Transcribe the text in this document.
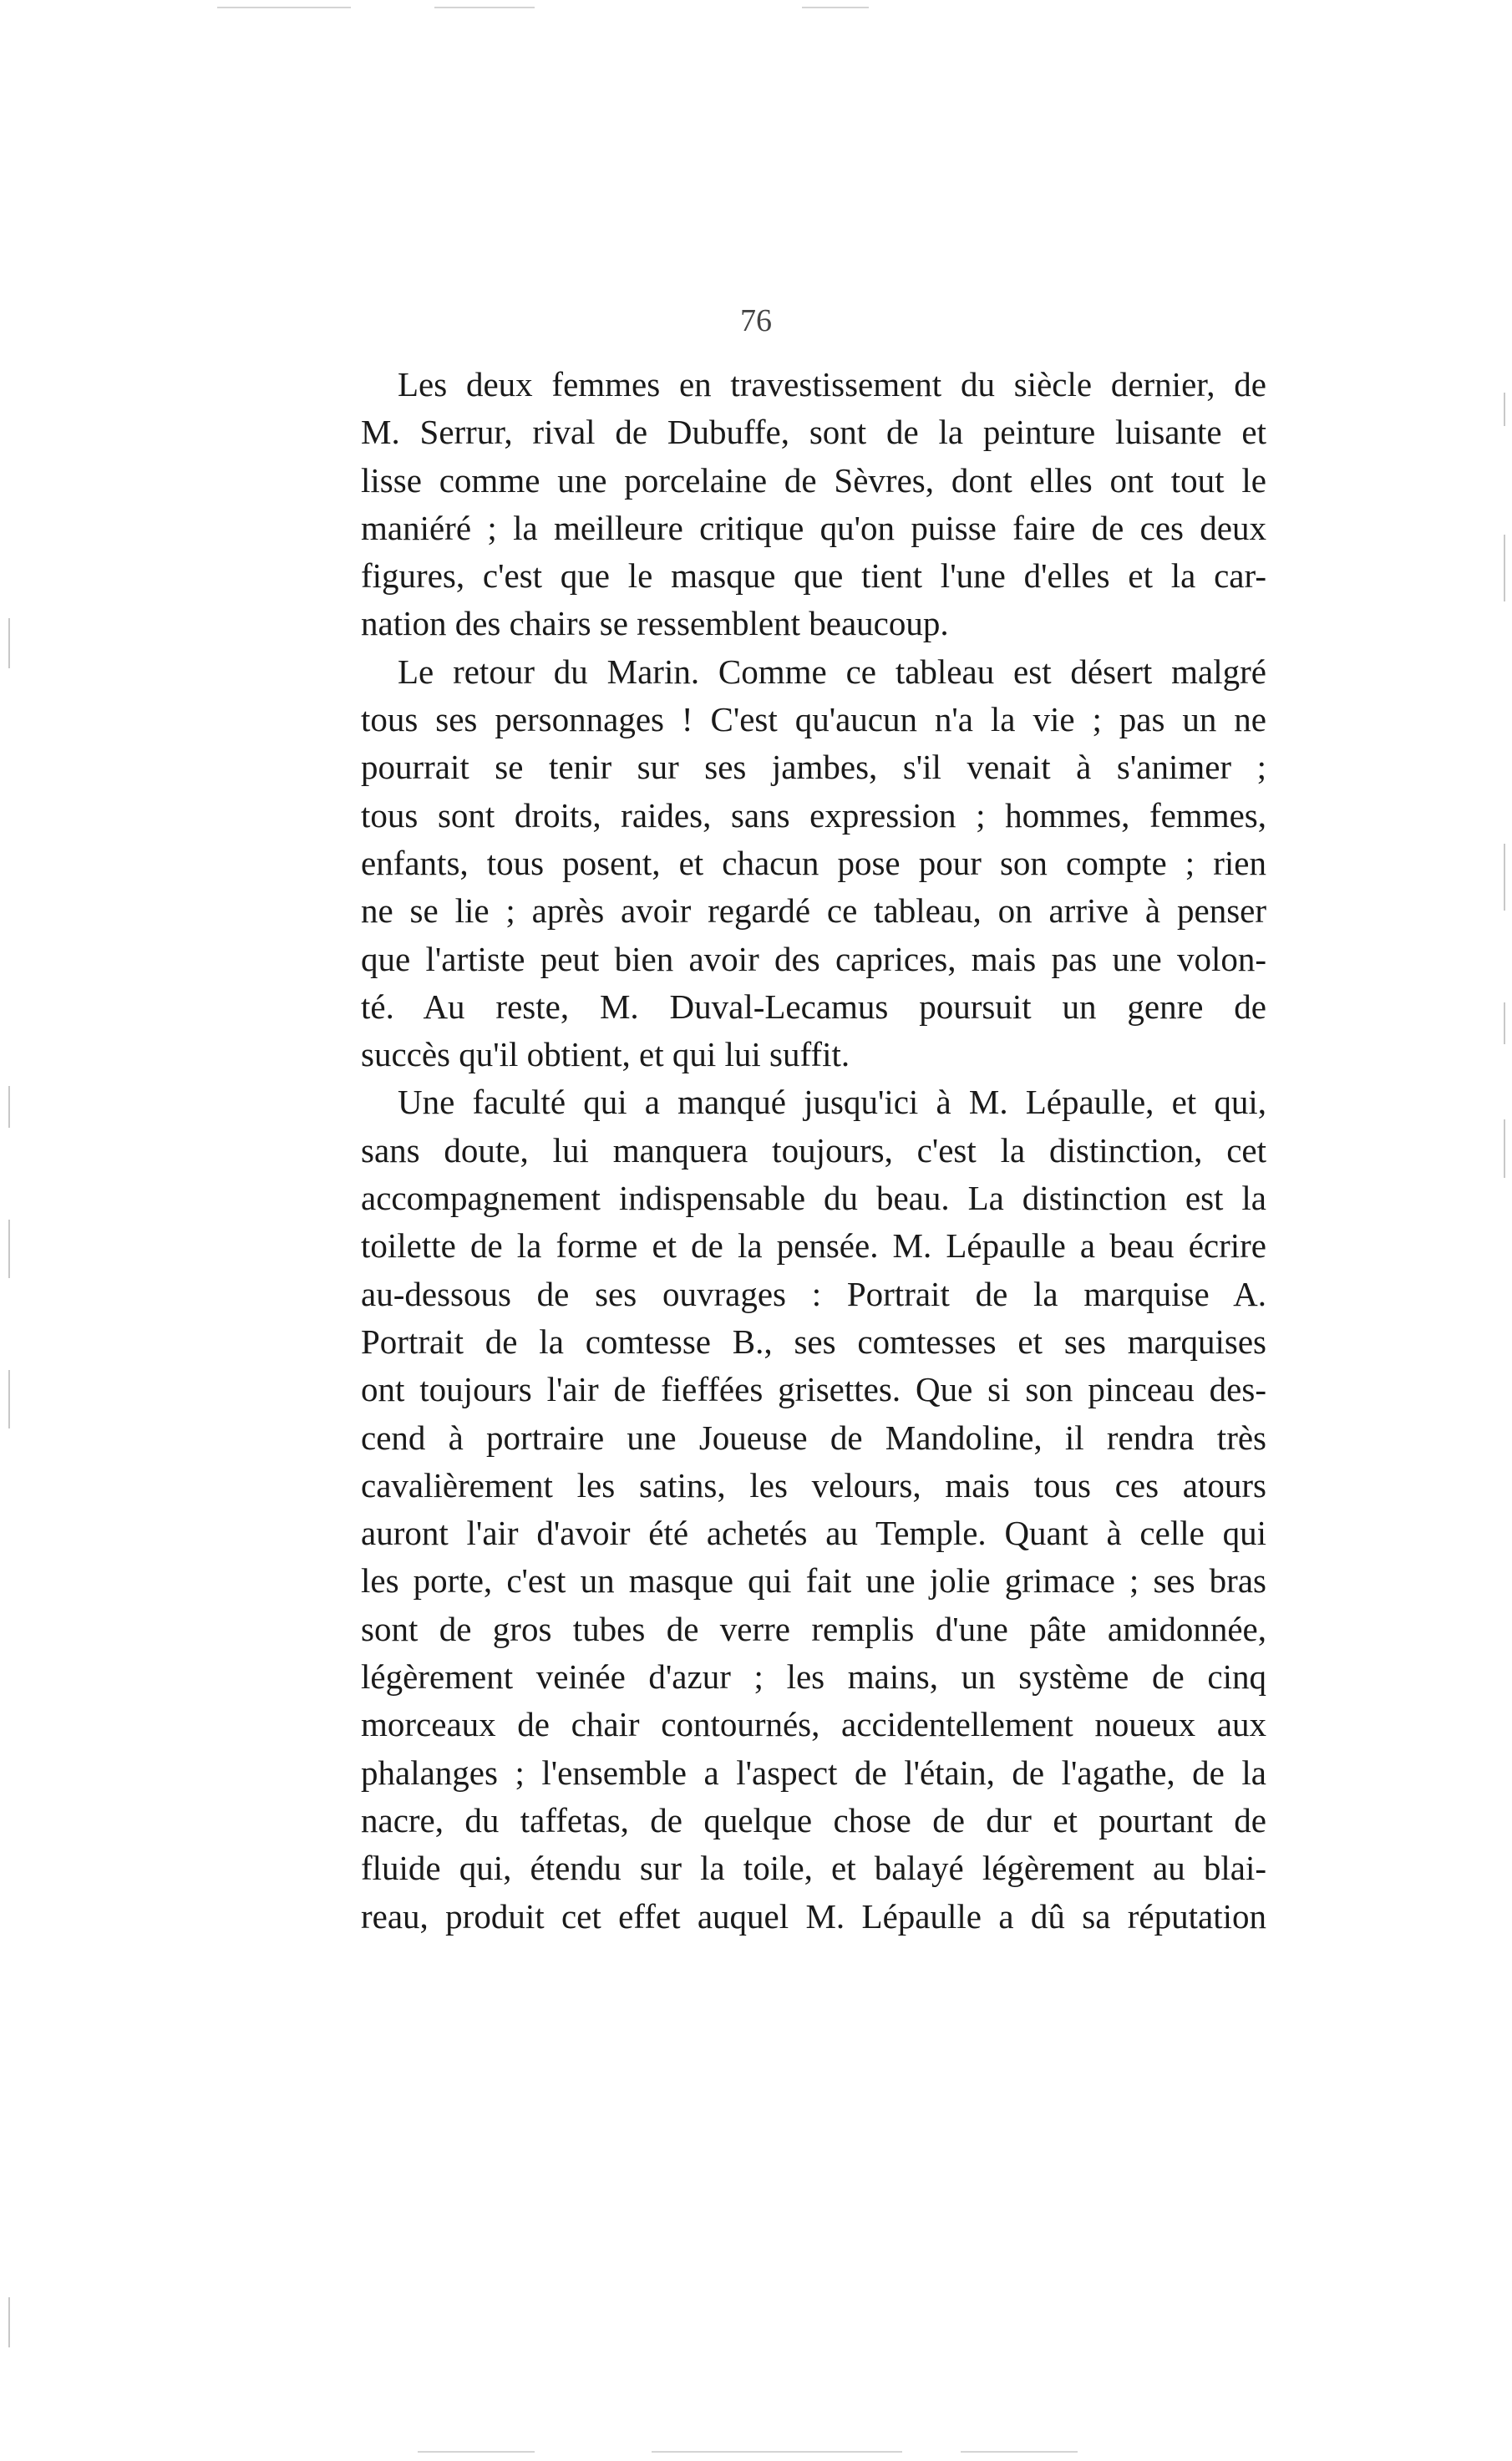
76
Les deux femmes en travestissement du siècle dernier, de
M. Serrur, rival de Dubuffe, sont de la peinture luisante et
lisse comme une porcelaine de Sèvres, dont elles ont tout le
maniéré ; la meilleure critique qu'on puisse faire de ces deux
figures, c'est que le masque que tient l'une d'elles et la car-
nation des chairs se ressemblent beaucoup.
Le retour du Marin. Comme ce tableau est désert malgré
tous ses personnages ! C'est qu'aucun n'a la vie ; pas un ne
pourrait se tenir sur ses jambes, s'il venait à s'animer ;
tous sont droits, raides, sans expression ; hommes, femmes,
enfants, tous posent, et chacun pose pour son compte ; rien
ne se lie ; après avoir regardé ce tableau, on arrive à penser
que l'artiste peut bien avoir des caprices, mais pas une volon-
té. Au reste, M. Duval-Lecamus poursuit un genre de
succès qu'il obtient, et qui lui suffit.
Une faculté qui a manqué jusqu'ici à M. Lépaulle, et qui,
sans doute, lui manquera toujours, c'est la distinction, cet
accompagnement indispensable du beau. La distinction est la
toilette de la forme et de la pensée. M. Lépaulle a beau écrire
au-dessous de ses ouvrages : Portrait de la marquise A.
Portrait de la comtesse B., ses comtesses et ses marquises
ont toujours l'air de fieffées grisettes. Que si son pinceau des-
cend à portraire une Joueuse de Mandoline, il rendra très
cavalièrement les satins, les velours, mais tous ces atours
auront l'air d'avoir été achetés au Temple. Quant à celle qui
les porte, c'est un masque qui fait une jolie grimace ; ses bras
sont de gros tubes de verre remplis d'une pâte amidonnée,
légèrement veinée d'azur ; les mains, un système de cinq
morceaux de chair contournés, accidentellement noueux aux
phalanges ; l'ensemble a l'aspect de l'étain, de l'agathe, de la
nacre, du taffetas, de quelque chose de dur et pourtant de
fluide qui, étendu sur la toile, et balayé légèrement au blai-
reau, produit cet effet auquel M. Lépaulle a dû sa réputation
